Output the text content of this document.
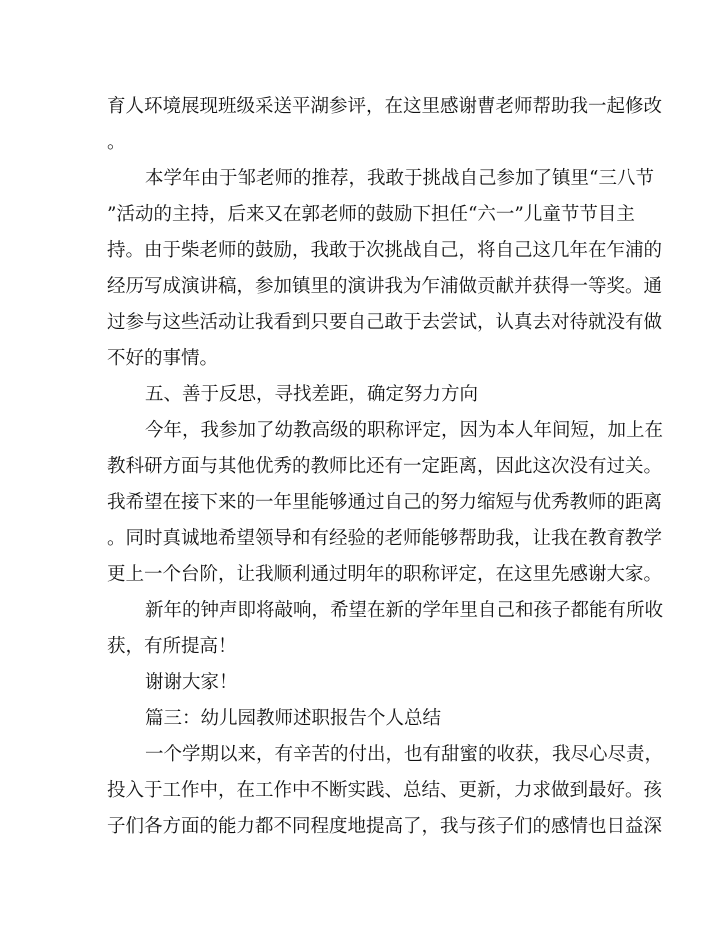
育人环境展现班级采送平湖参评，在这里感谢曹老师帮助我一起修改
。
本学年由于邹老师的推荐，我敢于挑战自己参加了镇里“三八节
”活动的主持，后来又在郭老师的鼓励下担任“六一”儿童节节目主
持。由于柴老师的鼓励，我敢于次挑战自己，将自己这几年在乍浦的
经历写成演讲稿，参加镇里的演讲我为乍浦做贡献并获得一等奖。通
过参与这些活动让我看到只要自己敢于去尝试，认真去对待就没有做
不好的事情。
五、善于反思，寻找差距，确定努力方向
今年，我参加了幼教高级的职称评定，因为本人年间短，加上在
教科研方面与其他优秀的教师比还有一定距离，因此这次没有过关。
我希望在接下来的一年里能够通过自己的努力缩短与优秀教师的距离
。同时真诚地希望领导和有经验的老师能够帮助我，让我在教育教学
更上一个台阶，让我顺利通过明年的职称评定，在这里先感谢大家。
新年的钟声即将敲响，希望在新的学年里自己和孩子都能有所收
获，有所提高！
谢谢大家！
篇三：幼儿园教师述职报告个人总结
一个学期以来，有辛苦的付出，也有甜蜜的收获，我尽心尽责，
投入于工作中，在工作中不断实践、总结、更新，力求做到最好。孩
子们各方面的能力都不同程度地提高了，我与孩子们的感情也日益深
